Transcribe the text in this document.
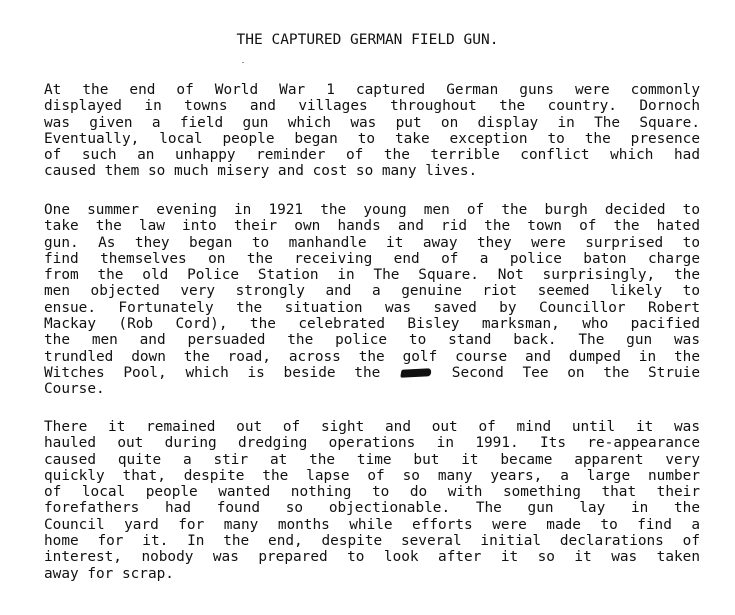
THE CAPTURED GERMAN FIELD GUN.
At the end of World War 1 captured German guns were commonly
displayed in towns and villages throughout the country. Dornoch
was given a field gun which was put on display in The Square.
Eventually, local people began to take exception to the presence
of such an unhappy reminder of the terrible conflict which had
caused them so much misery and cost so many lives.
One summer evening in 1921 the young men of the burgh decided to
take the law into their own hands and rid the town of the hated
gun. As they began to manhandle it away they were surprised to
find themselves on the receiving end of a police baton charge
from the old Police Station in The Square. Not surprisingly, the
men objected very strongly and a genuine riot seemed likely to
ensue. Fortunately the situation was saved by Councillor Robert
Mackay (Rob Cord), the celebrated Bisley marksman, who pacified
the men and persuaded the police to stand back. The gun was
trundled down the road, across the golf course and dumped in the
Witches Pool, which is beside the	Second Tee on the Struie
Course.
There it remained out of sight and out of mind until it was
hauled out during dredging operations in 1991. Its re-appearance
caused quite a stir at the time but it became apparent very
quickly that, despite the lapse of so many years, a large number
of local people wanted nothing to do with something that their
forefathers had found so objectionable. The gun lay in the
Council yard for many months while efforts were made to find a
home for it. In the end, despite several initial declarations of
interest, nobody was prepared to look after it so it was taken
away for scrap.
